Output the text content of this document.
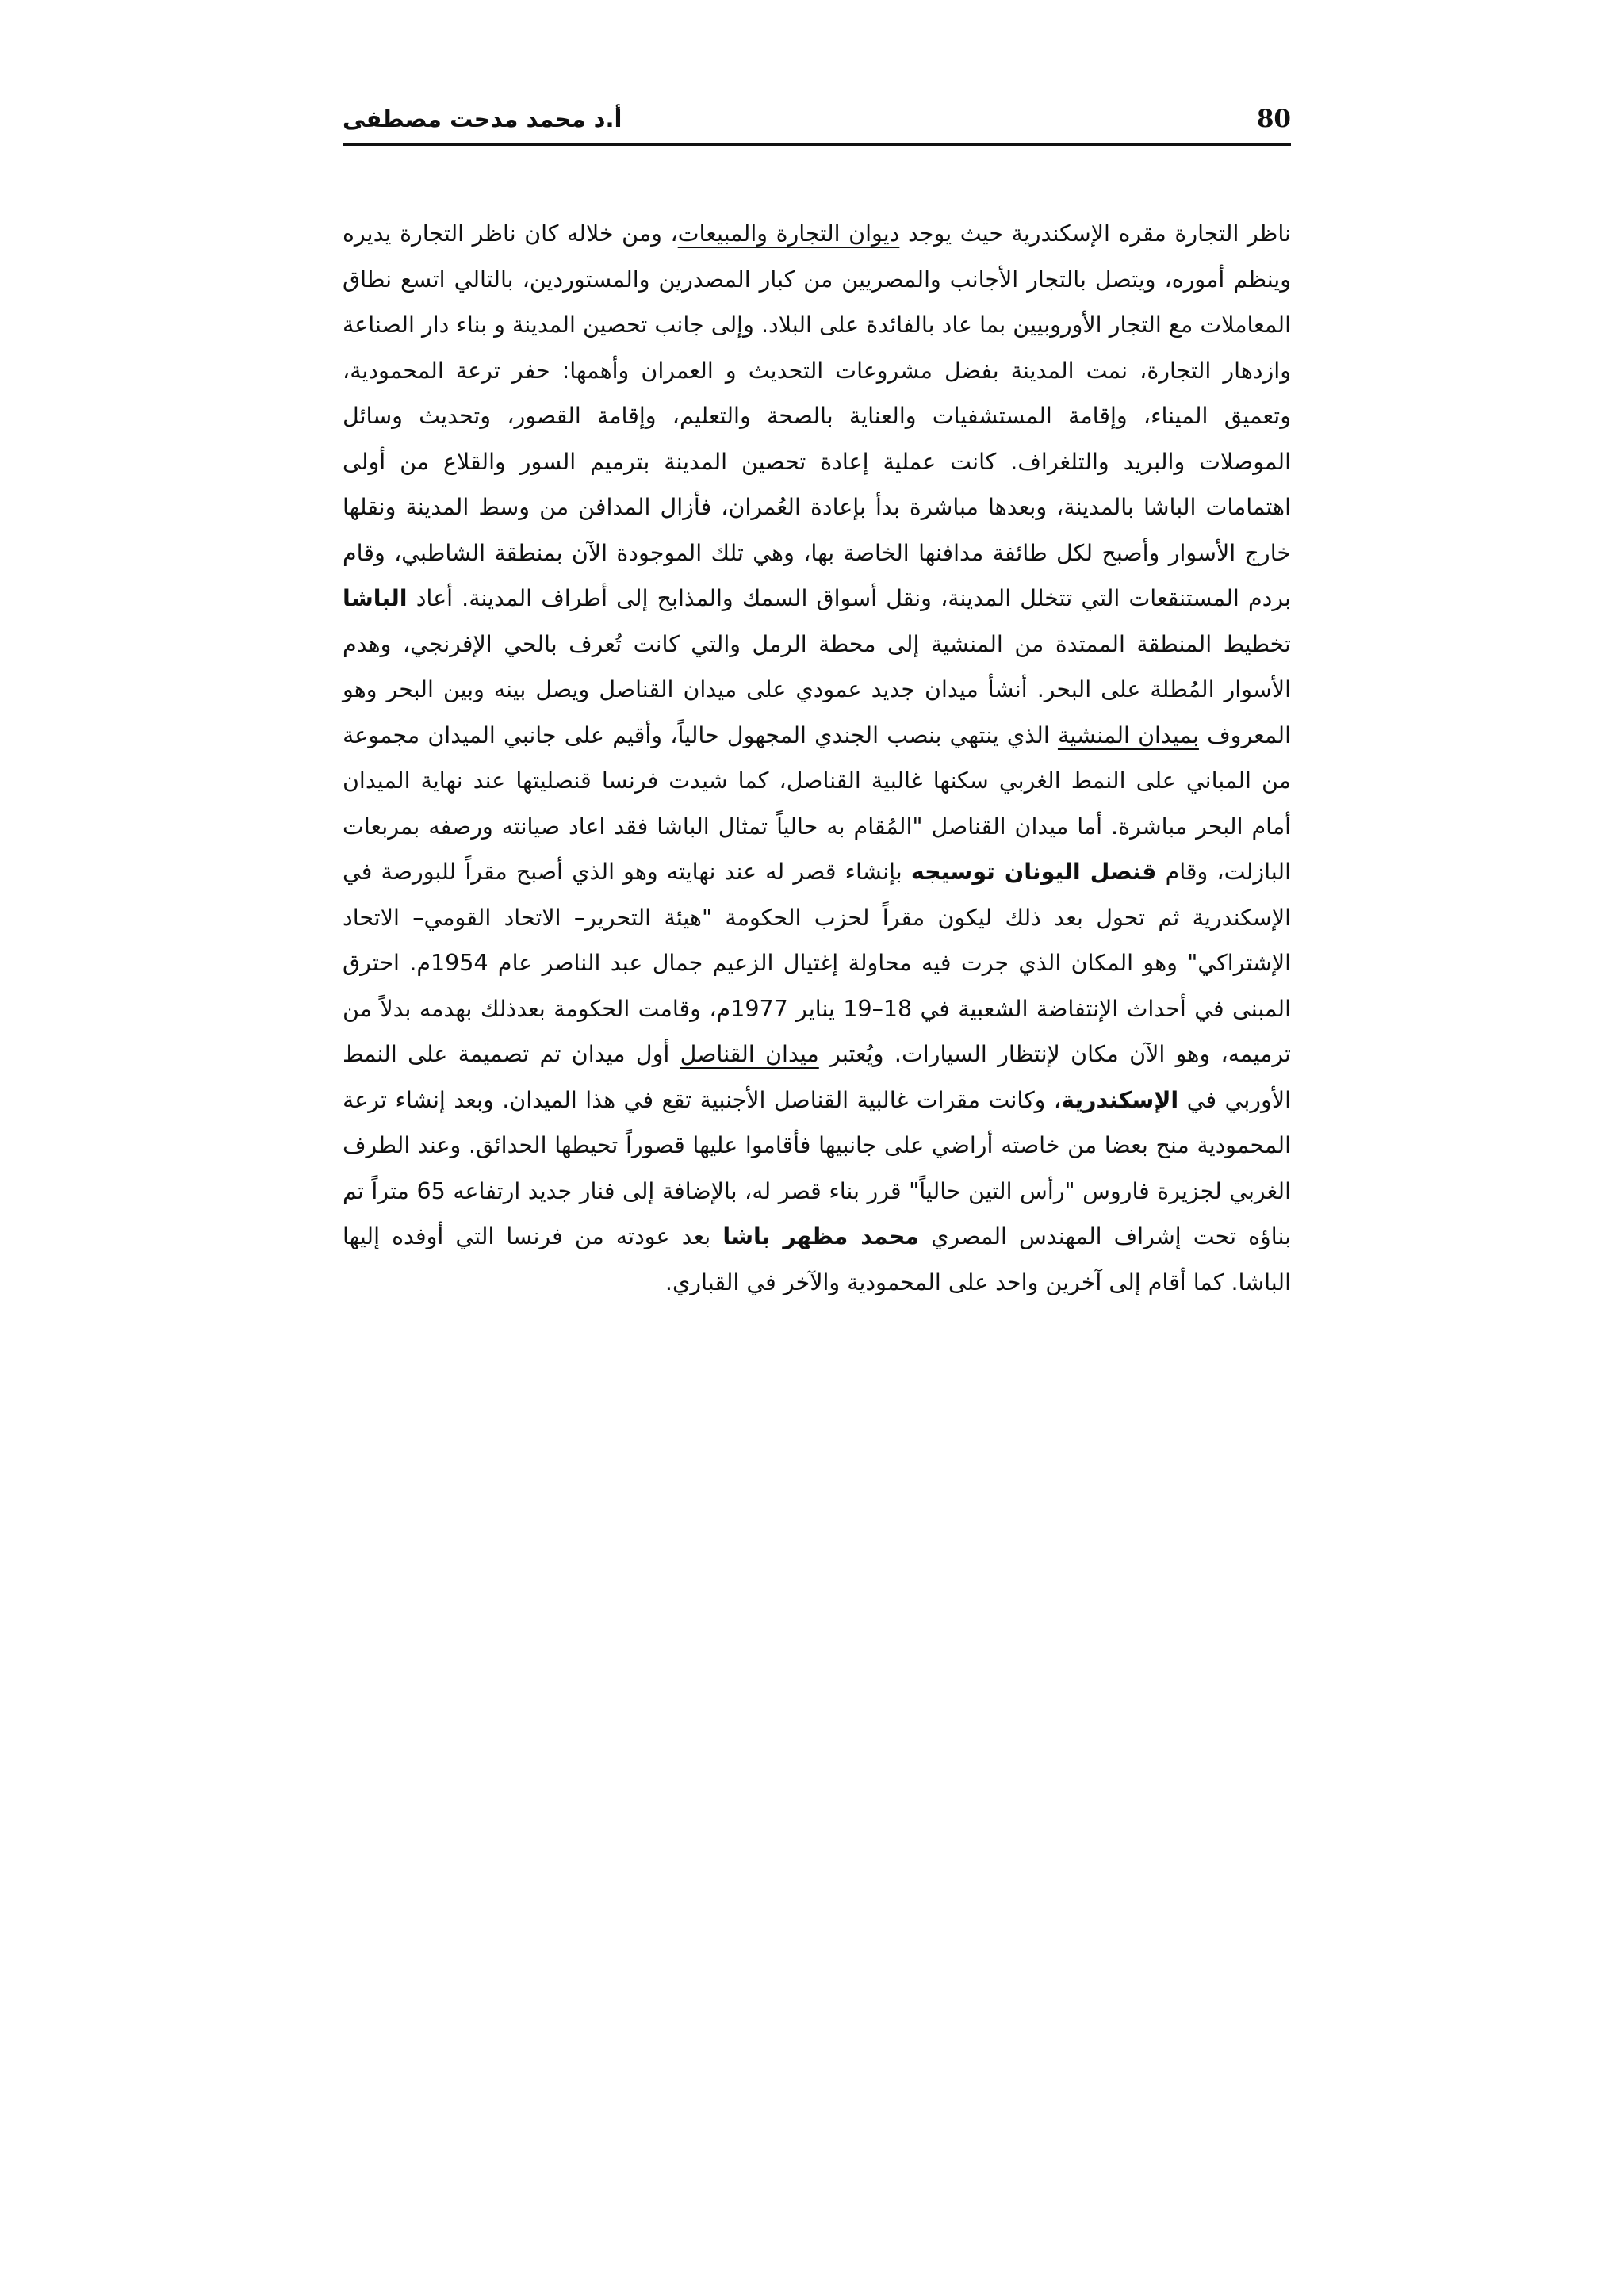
80
أ.د محمد مدحت مصطفى

ناظر التجارة مقره الإسكندرية حيث يوجد ديوان التجارة والمبيعات، ومن خلاله كان ناظر التجارة يديره وينظم أموره، ويتصل بالتجار الأجانب والمصريين من كبار المصدرين والمستوردين، بالتالي اتسع نطاق المعاملات مع التجار الأوروبيين بما عاد بالفائدة على البلاد. وإلى جانب تحصين المدينة و بناء دار الصناعة وازدهار التجارة، نمت المدينة بفضل مشروعات التحديث و العمران وأهمها: حفر ترعة المحمودية، وتعميق الميناء، وإقامة المستشفيات والعناية بالصحة والتعليم، وإقامة القصور، وتحديث وسائل الموصلات والبريد والتلغراف. كانت عملية إعادة تحصين المدينة بترميم السور والقلاع من أولى اهتمامات الباشا بالمدينة، وبعدها مباشرة بدأ بإعادة العُمران، فأزال المدافن من وسط المدينة ونقلها خارج الأسوار وأصبح لكل طائفة مدافنها الخاصة بها، وهي تلك الموجودة الآن بمنطقة الشاطبي، وقام بردم المستنقعات التي تتخلل المدينة، ونقل أسواق السمك والمذابح إلى أطراف المدينة. أعاد الباشا تخطيط المنطقة الممتدة من المنشية إلى محطة الرمل والتي كانت تُعرف بالحي الإفرنجي، وهدم الأسوار المُطلة على البحر. أنشأ ميدان جديد عمودي على ميدان القناصل ويصل بينه وبين البحر وهو المعروف بميدان المنشية الذي ينتهي بنصب الجندي المجهول حالياً، وأقيم على جانبي الميدان مجموعة من المباني على النمط الغربي سكنها غالبية القناصل، كما شيدت فرنسا قنصليتها عند نهاية الميدان أمام البحر مباشرة. أما ميدان القناصل "المُقام به حالياً تمثال الباشا فقد اعاد صيانته ورصفه بمربعات البازلت، وقام قنصل اليونان توسيجه بإنشاء قصر له عند نهايته وهو الذي أصبح مقراً للبورصة في الإسكندرية ثم تحول بعد ذلك ليكون مقراً لحزب الحكومة "هيئة التحرير– الاتحاد القومي– الاتحاد الإشتراكي" وهو المكان الذي جرت فيه محاولة إغتيال الزعيم جمال عبد الناصر عام 1954م. احترق المبنى في أحداث الإنتفاضة الشعبية في 18–19 يناير 1977م، وقامت الحكومة بعدذلك بهدمه بدلاً من ترميمه، وهو الآن مكان لإنتظار السيارات. ويُعتبر ميدان القناصل أول ميدان تم تصميمة على النمط الأوربي في الإسكندرية، وكانت مقرات غالبية القناصل الأجنبية تقع في هذا الميدان. وبعد إنشاء ترعة المحمودية منح بعضا من خاصته أراضي على جانبيها فأقاموا عليها قصوراً تحيطها الحدائق. وعند الطرف الغربي لجزيرة فاروس "رأس التين حالياً" قرر بناء قصر له، بالإضافة إلى فنار جديد ارتفاعه 65 متراً تم بناؤه تحت إشراف المهندس المصري محمد مظهر باشا بعد عودته من فرنسا التي أوفده إليها الباشا. كما أقام إلى آخرين واحد على المحمودية والآخر في القباري.
